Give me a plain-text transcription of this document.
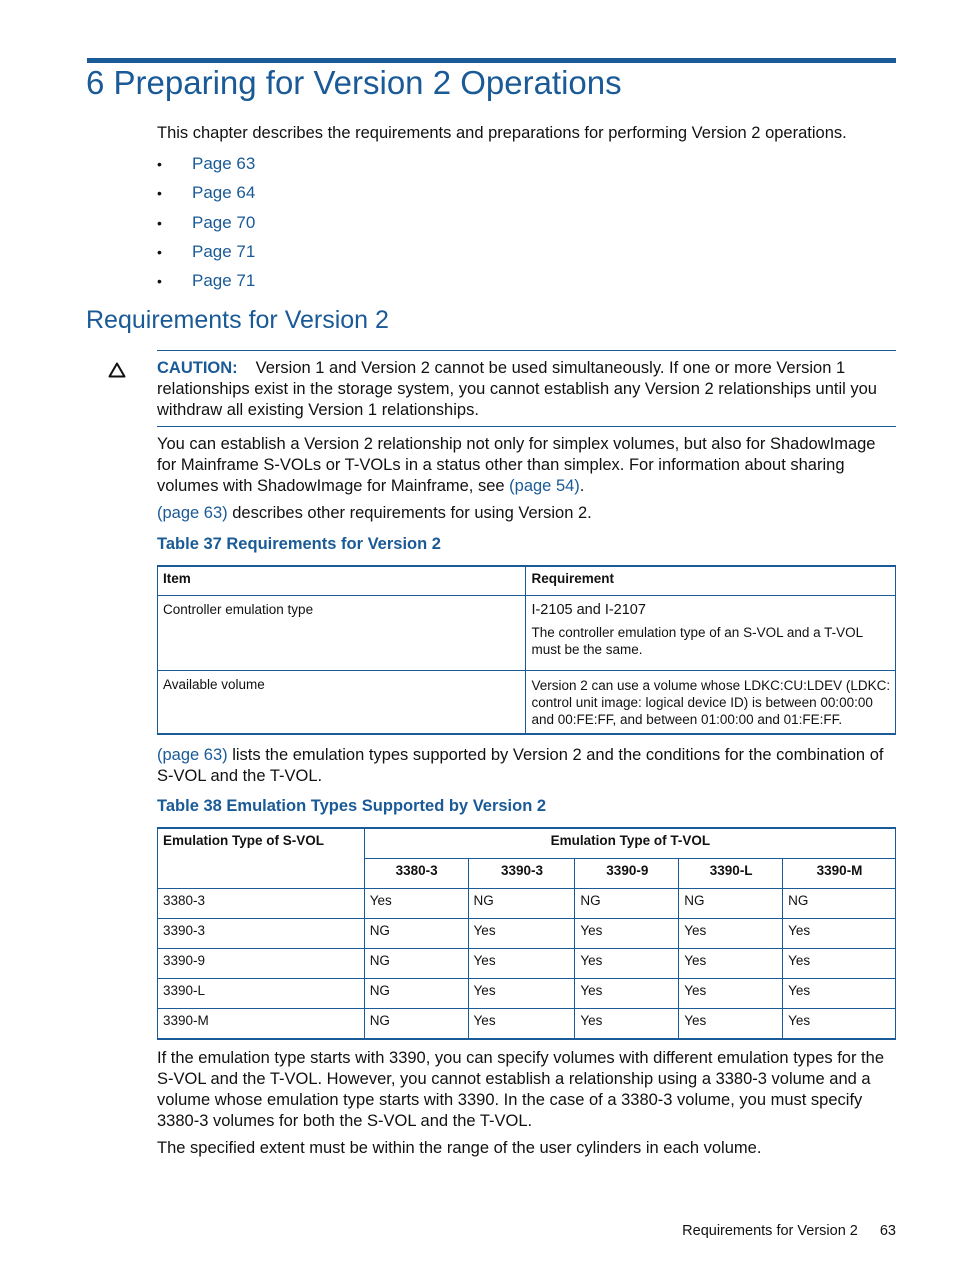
6 Preparing for Version 2 Operations

This chapter describes the requirements and preparations for performing Version 2 operations.

• Page 63
• Page 64
• Page 70
• Page 71
• Page 71
Requirements for Version 2

CAUTION: Version 1 and Version 2 cannot be used simultaneously. If one or more Version 1 relationships exist in the storage system, you cannot establish any Version 2 relationships until you withdraw all existing Version 1 relationships.

You can establish a Version 2 relationship not only for simplex volumes, but also for ShadowImage for Mainframe S-VOLs or T-VOLs in a status other than simplex. For information about sharing volumes with ShadowImage for Mainframe, see (page 54).

(page 63) describes other requirements for using Version 2.

Table 37 Requirements for Version 2

Item	Requirement
Controller emulation type	I-2105 and I-2107
The controller emulation type of an S-VOL and a T-VOL must be the same.

Available volume	Version 2 can use a volume whose LDKC:CU:LDEV (LDKC: control unit image: logical device ID) is between 00:00:00 and 00:FE:FF, and between 01:00:00 and 01:FE:FF.

(page 63) lists the emulation types supported by Version 2 and the conditions for the combination of S-VOL and the T-VOL.

Table 38 Emulation Types Supported by Version 2

Emulation Type of S-VOL	Emulation Type of T-VOL				
	3380-3	3390-3	3390-9	3390-L	3390-M
3380-3	Yes	NG	NG	NG	NG
3390-3	NG	Yes	Yes	Yes	Yes
3390-9	NG	Yes	Yes	Yes	Yes
3390-L	NG	Yes	Yes	Yes	Yes
3390-M	NG	Yes	Yes	Yes	Yes

If the emulation type starts with 3390, you can specify volumes with different emulation types for the S-VOL and the T-VOL. However, you cannot establish a relationship using a 3380-3 volume and a volume whose emulation type starts with 3390. In the case of a 3380-3 volume, you must specify 3380-3 volumes for both the S-VOL and the T-VOL.

The specified extent must be within the range of the user cylinders in each volume.

Requirements for Version 2 63
